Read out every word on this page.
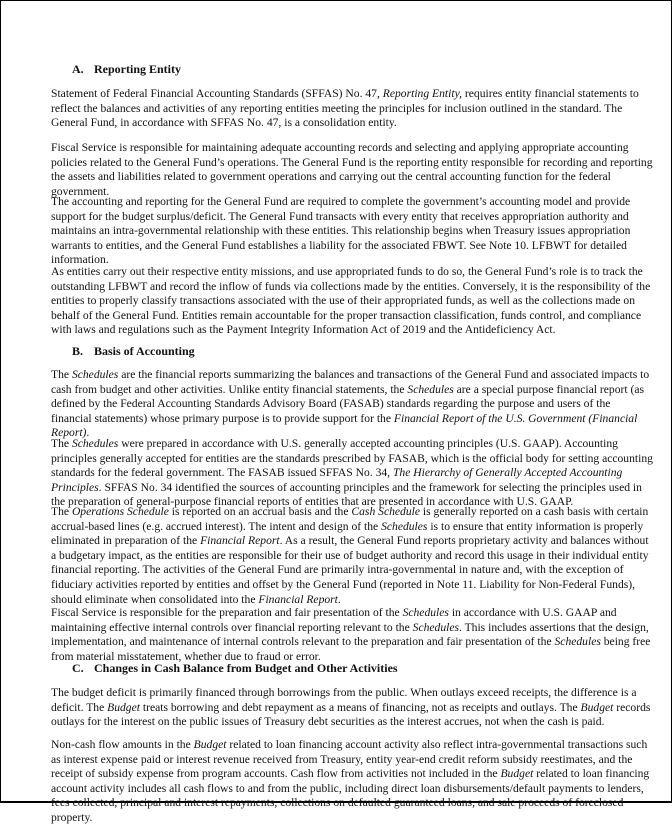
A. Reporting Entity

Statement of Federal Financial Accounting Standards (SFFAS) No. 47, Reporting Entity, requires entity financial statements to reflect the balances and activities of any reporting entities meeting the principles for inclusion outlined in the standard. The General Fund, in accordance with SFFAS No. 47, is a consolidation entity.

Fiscal Service is responsible for maintaining adequate accounting records and selecting and applying appropriate accounting policies related to the General Fund’s operations. The General Fund is the reporting entity responsible for recording and reporting the assets and liabilities related to government operations and carrying out the central accounting function for the federal government.

The accounting and reporting for the General Fund are required to complete the government’s accounting model and provide support for the budget surplus/deficit. The General Fund transacts with every entity that receives appropriation authority and maintains an intra-governmental relationship with these entities. This relationship begins when Treasury issues appropriation warrants to entities, and the General Fund establishes a liability for the associated FBWT. See Note 10. LFBWT for detailed information.

As entities carry out their respective entity missions, and use appropriated funds to do so, the General Fund’s role is to track the outstanding LFBWT and record the inflow of funds via collections made by the entities. Conversely, it is the responsibility of the entities to properly classify transactions associated with the use of their appropriated funds, as well as the collections made on behalf of the General Fund. Entities remain accountable for the proper transaction classification, funds control, and compliance with laws and regulations such as the Payment Integrity Information Act of 2019 and the Antideficiency Act.

B. Basis of Accounting

The Schedules are the financial reports summarizing the balances and transactions of the General Fund and associated impacts to cash from budget and other activities. Unlike entity financial statements, the Schedules are a special purpose financial report (as defined by the Federal Accounting Standards Advisory Board (FASAB) standards regarding the purpose and users of the financial statements) whose primary purpose is to provide support for the Financial Report of the U.S. Government (Financial Report).

The Schedules were prepared in accordance with U.S. generally accepted accounting principles (U.S. GAAP). Accounting principles generally accepted for entities are the standards prescribed by FASAB, which is the official body for setting accounting standards for the federal government. The FASAB issued SFFAS No. 34, The Hierarchy of Generally Accepted Accounting Principles. SFFAS No. 34 identified the sources of accounting principles and the framework for selecting the principles used in the preparation of general-purpose financial reports of entities that are presented in accordance with U.S. GAAP.

The Operations Schedule is reported on an accrual basis and the Cash Schedule is generally reported on a cash basis with certain accrual-based lines (e.g. accrued interest). The intent and design of the Schedules is to ensure that entity information is properly eliminated in preparation of the Financial Report. As a result, the General Fund reports proprietary activity and balances without a budgetary impact, as the entities are responsible for their use of budget authority and record this usage in their individual entity financial reporting. The activities of the General Fund are primarily intra-governmental in nature and, with the exception of fiduciary activities reported by entities and offset by the General Fund (reported in Note 11. Liability for Non-Federal Funds), should eliminate when consolidated into the Financial Report.

Fiscal Service is responsible for the preparation and fair presentation of the Schedules in accordance with U.S. GAAP and maintaining effective internal controls over financial reporting relevant to the Schedules. This includes assertions that the design, implementation, and maintenance of internal controls relevant to the preparation and fair presentation of the Schedules being free from material misstatement, whether due to fraud or error.

C. Changes in Cash Balance from Budget and Other Activities

The budget deficit is primarily financed through borrowings from the public. When outlays exceed receipts, the difference is a deficit. The Budget treats borrowing and debt repayment as a means of financing, not as receipts and outlays. The Budget records outlays for the interest on the public issues of Treasury debt securities as the interest accrues, not when the cash is paid.

Non-cash flow amounts in the Budget related to loan financing account activity also reflect intra-governmental transactions such as interest expense paid or interest revenue received from Treasury, entity year-end credit reform subsidy reestimates, and the receipt of subsidy expense from program accounts. Cash flow from activities not included in the Budget related to loan financing account activity includes all cash flows to and from the public, including direct loan disbursements/default payments to lenders, fees collected, principal and interest repayments, collections on defaulted guaranteed loans, and sale proceeds of foreclosed property.
